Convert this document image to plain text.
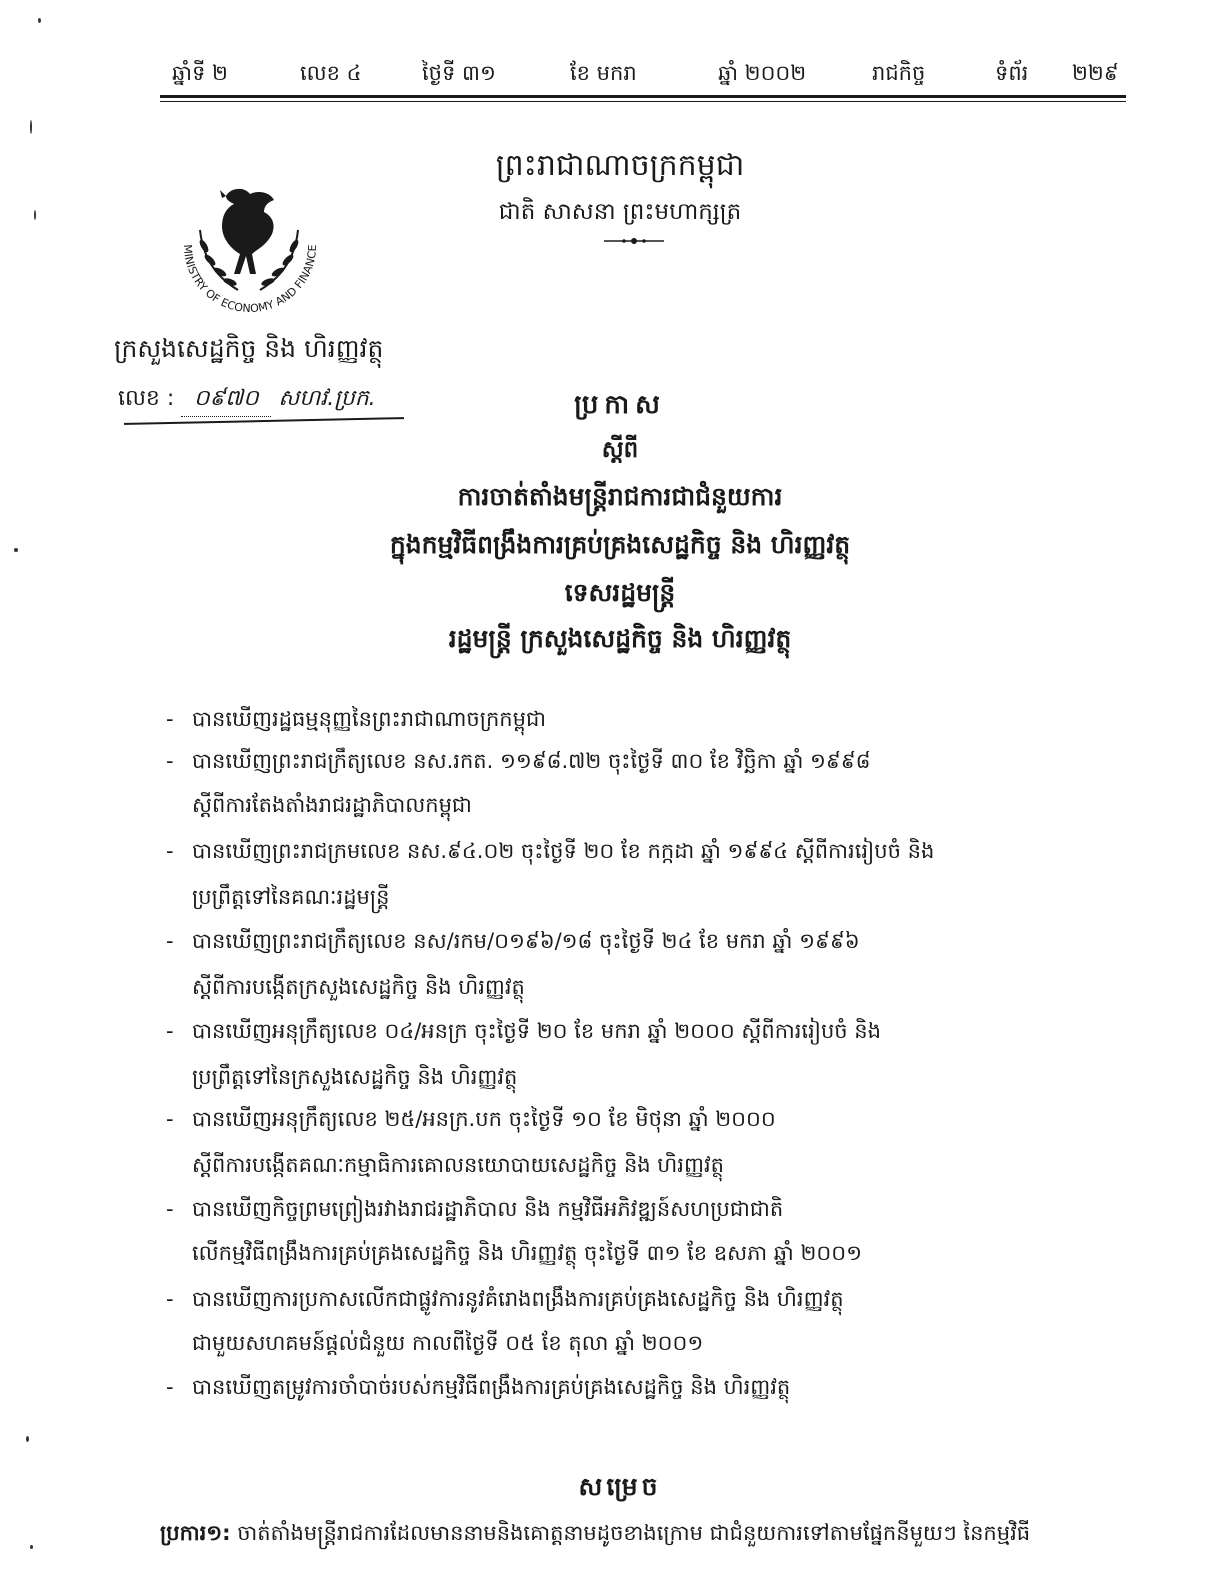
ឆ្នាំទី ២	លេខ ៤	ថ្ងៃទី ៣១	ខែ មករា	ឆ្នាំ ២០០២	រាជកិច្ច	ទំព័រ ២២៩
MINISTRY OF ECONOMY AND FINANCE
ព្រះរាជាណាចក្រកម្ពុជា
ជាតិ សាសនា ព្រះមហាក្សត្រ
ក្រសួងសេដ្ឋកិច្ច និង ហិរញ្ញវត្ថុ
លេខ : ០៩៧០ សហវ.ប្រក.	ប្រកាស
ស្តីពី
ការចាត់តាំងមន្ត្រីរាជការជាជំនួយការ
ក្នុងកម្មវិធីពង្រឹងការគ្រប់គ្រងសេដ្ឋកិច្ច និង ហិរញ្ញវត្ថុ
ទេសរដ្ឋមន្ត្រី
រដ្ឋមន្ត្រី ក្រសួងសេដ្ឋកិច្ច និង ហិរញ្ញវត្ថុ
- បានឃើញរដ្ឋធម្មនុញ្ញនៃព្រះរាជាណាចក្រកម្ពុជា
- បានឃើញព្រះរាជក្រឹត្យលេខ នស.រកត. ១១៩៨.៧២ ចុះថ្ងៃទី ៣០ ខែ វិច្ឆិកា ឆ្នាំ ១៩៩៨
ស្តីពីការតែងតាំងរាជរដ្ឋាភិបាលកម្ពុជា
- បានឃើញព្រះរាជក្រមលេខ នស.៩៤.០២ ចុះថ្ងៃទី ២០ ខែ កក្កដា ឆ្នាំ ១៩៩៤ ស្តីពីការរៀបចំ និង
ប្រព្រឹត្តទៅនៃគណៈរដ្ឋមន្ត្រី
- បានឃើញព្រះរាជក្រឹត្យលេខ នស/រកម/០១៩៦/១៨ ចុះថ្ងៃទី ២៤ ខែ មករា ឆ្នាំ ១៩៩៦
ស្តីពីការបង្កើតក្រសួងសេដ្ឋកិច្ច និង ហិរញ្ញវត្ថុ
- បានឃើញអនុក្រឹត្យលេខ ០៤/អនក្រ ចុះថ្ងៃទី ២០ ខែ មករា ឆ្នាំ ២០០០ ស្តីពីការរៀបចំ និង
ប្រព្រឹត្តទៅនៃក្រសួងសេដ្ឋកិច្ច និង ហិរញ្ញវត្ថុ
- បានឃើញអនុក្រឹត្យលេខ ២៥/អនក្រ.បក ចុះថ្ងៃទី ១០ ខែ មិថុនា ឆ្នាំ ២០០០
ស្តីពីការបង្កើតគណៈកម្មាធិការគោលនយោបាយសេដ្ឋកិច្ច និង ហិរញ្ញវត្ថុ
- បានឃើញកិច្ចព្រមព្រៀងរវាងរាជរដ្ឋាភិបាល និង កម្មវិធីអភិវឌ្ឍន៍សហប្រជាជាតិ
លើកម្មវិធីពង្រឹងការគ្រប់គ្រងសេដ្ឋកិច្ច និង ហិរញ្ញវត្ថុ ចុះថ្ងៃទី ៣១ ខែ ឧសភា ឆ្នាំ ២០០១
- បានឃើញការប្រកាសលើកជាផ្លូវការនូវគំរោងពង្រឹងការគ្រប់គ្រងសេដ្ឋកិច្ច និង ហិរញ្ញវត្ថុ
ជាមួយសហគមន៍ផ្តល់ជំនួយ កាលពីថ្ងៃទី ០៥ ខែ តុលា ឆ្នាំ ២០០១
- បានឃើញតម្រូវការចាំបាច់របស់កម្មវិធីពង្រឹងការគ្រប់គ្រងសេដ្ឋកិច្ច និង ហិរញ្ញវត្ថុ
សម្រេច
ប្រការ១: ចាត់តាំងមន្ត្រីរាជការដែលមាននាមនិងគោត្តនាមដូចខាងក្រោម ជាជំនួយការទៅតាមផ្នែកនីមួយៗ នៃកម្មវិធី
